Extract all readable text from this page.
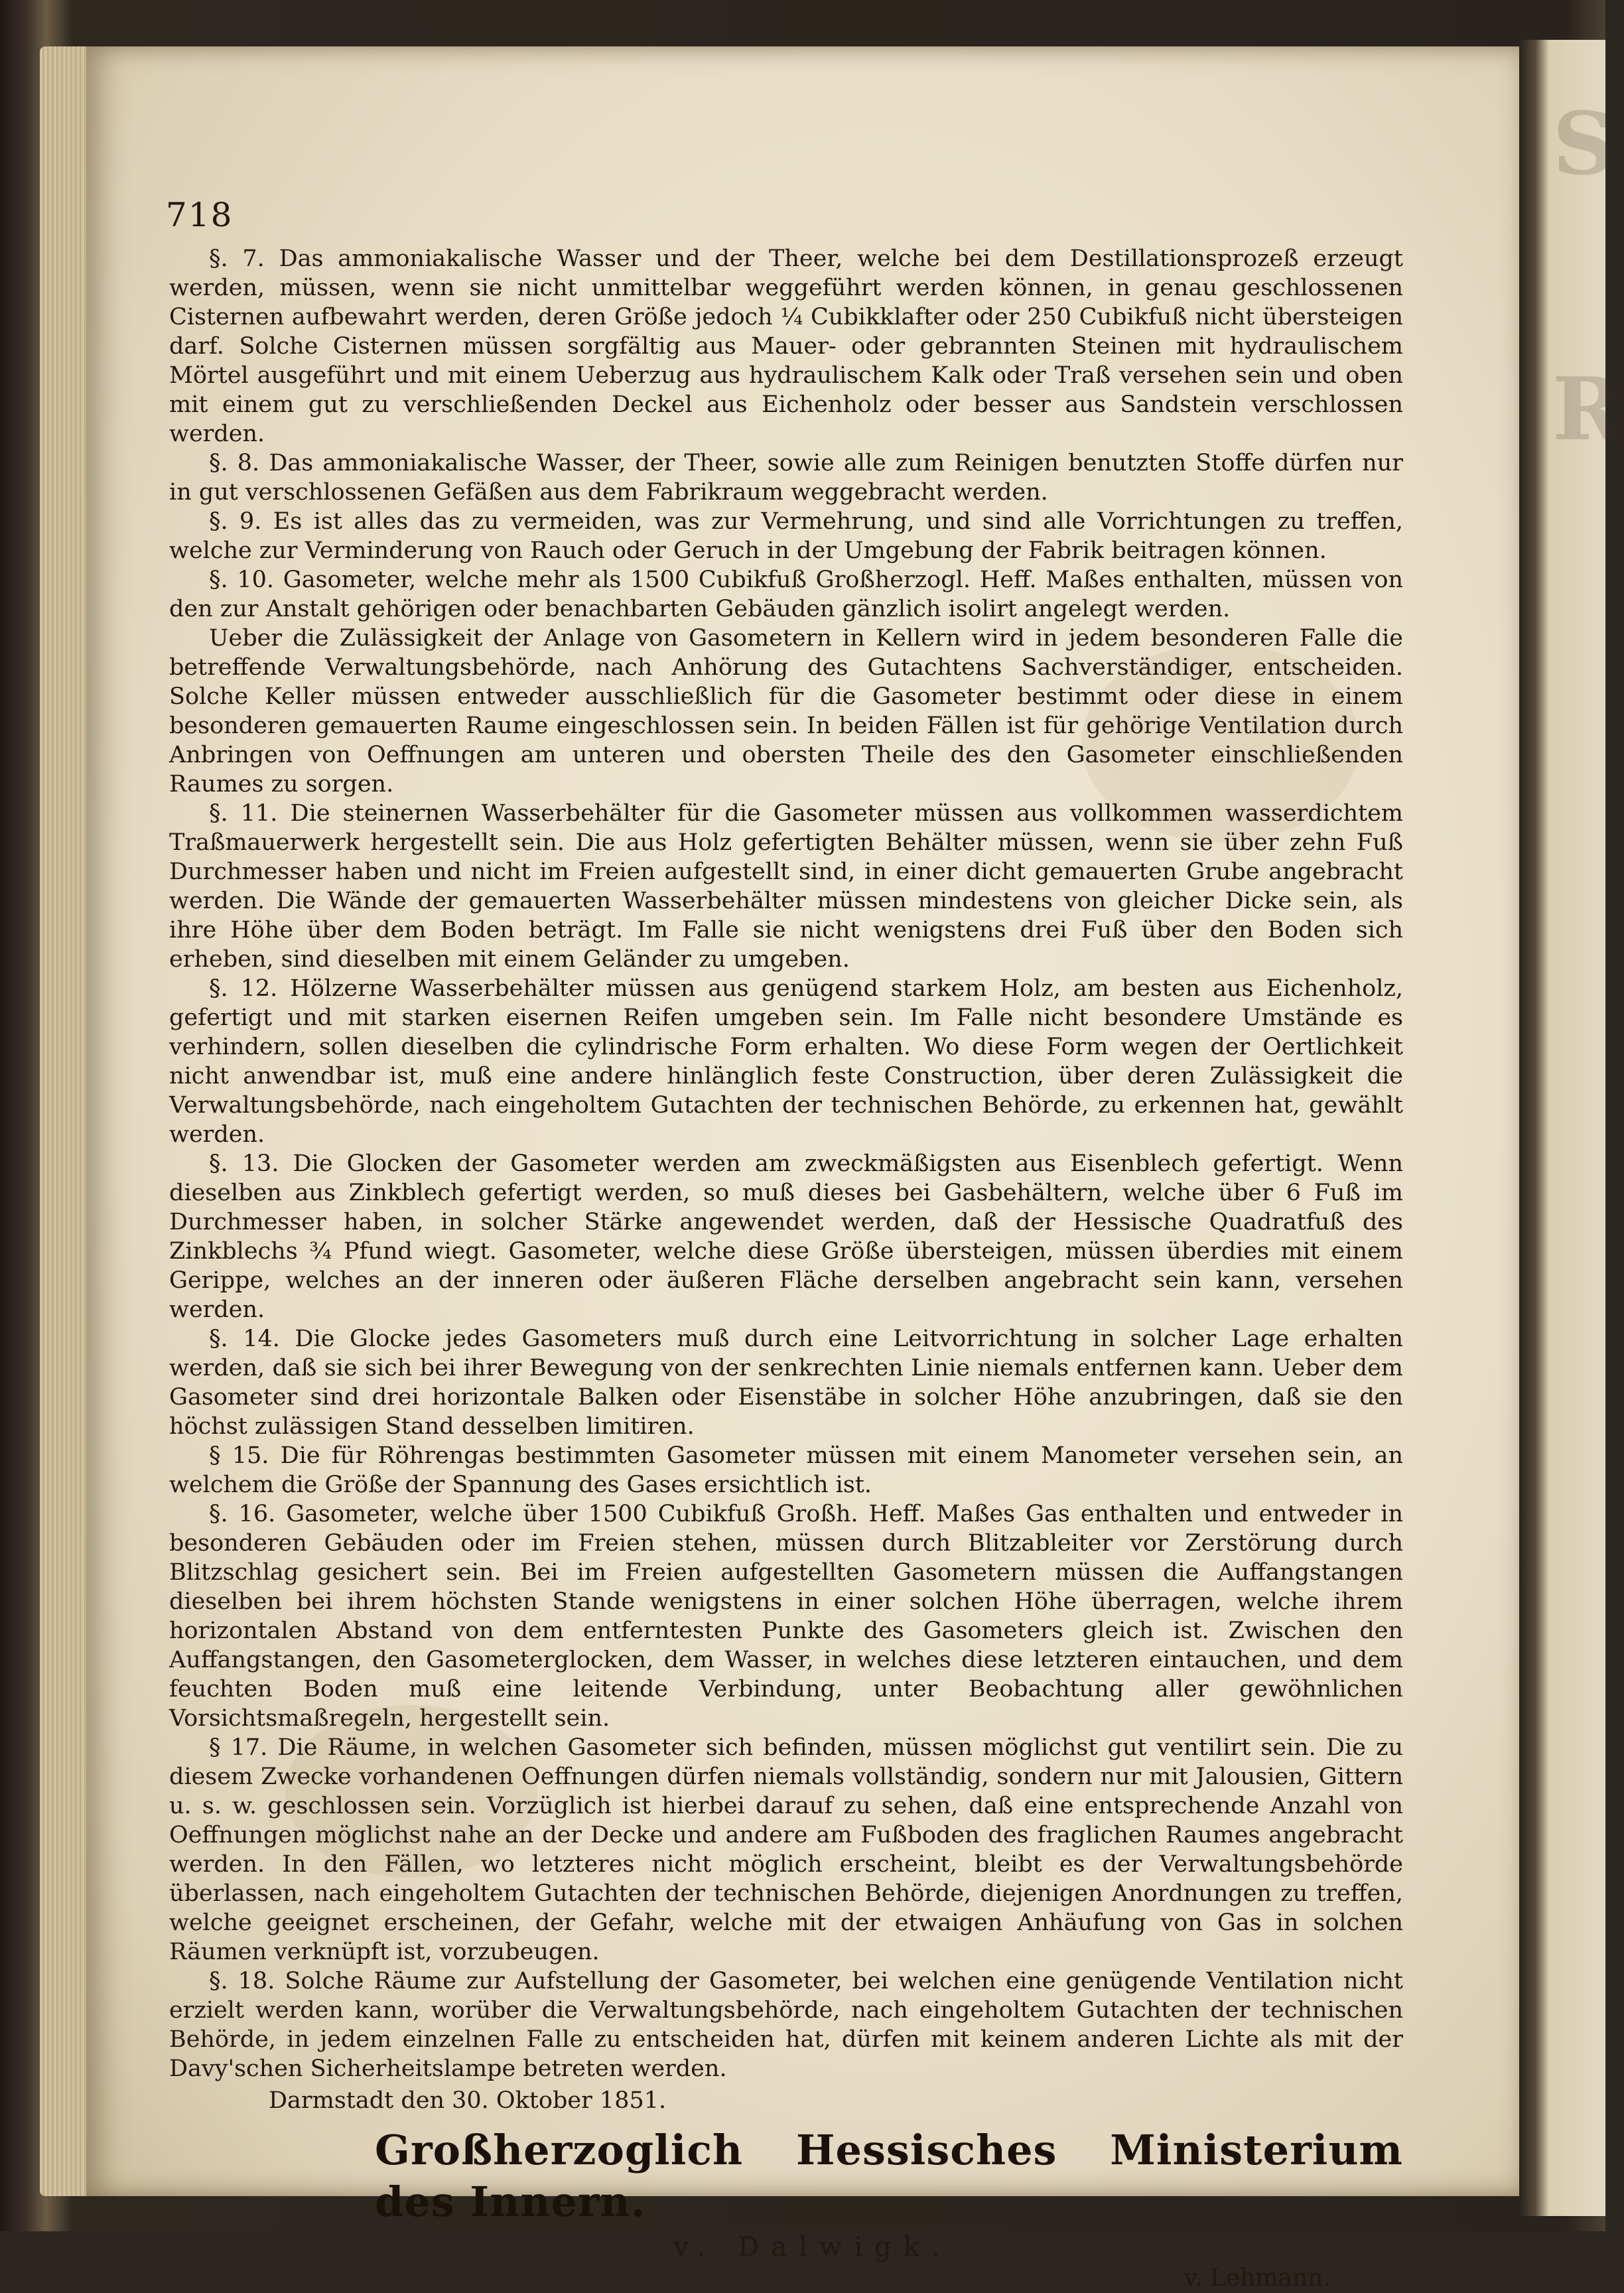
S
R
718

§. 7. Das ammoniakalische Wasser und der Theer, welche bei dem Destillationsprozeß erzeugt werden, müssen, wenn sie nicht unmittelbar weggeführt werden können, in genau geschlossenen Cisternen aufbewahrt werden, deren Größe jedoch ¼ Cubikklafter oder 250 Cubikfuß nicht übersteigen darf. Solche Cisternen müssen sorgfältig aus Mauer- oder gebrannten Steinen mit hydraulischem Mörtel ausgeführt und mit einem Ueberzug aus hydraulischem Kalk oder Traß versehen sein und oben mit einem gut zu verschließenden Deckel aus Eichenholz oder besser aus Sandstein verschlossen werden.

§. 8. Das ammoniakalische Wasser, der Theer, sowie alle zum Reinigen benutzten Stoffe dürfen nur in gut verschlossenen Gefäßen aus dem Fabrikraum weggebracht werden.

§. 9. Es ist alles das zu vermeiden, was zur Vermehrung, und sind alle Vorrichtungen zu treffen, welche zur Verminderung von Rauch oder Geruch in der Umgebung der Fabrik beitragen können.

§. 10. Gasometer, welche mehr als 1500 Cubikfuß Großherzogl. Heff. Maßes enthalten, müssen von den zur Anstalt gehörigen oder benachbarten Gebäuden gänzlich isolirt angelegt werden.

Ueber die Zulässigkeit der Anlage von Gasometern in Kellern wird in jedem besonderen Falle die betreffende Verwaltungsbehörde, nach Anhörung des Gutachtens Sachverständiger, entscheiden. Solche Keller müssen entweder ausschließlich für die Gasometer bestimmt oder diese in einem besonderen gemauerten Raume eingeschlossen sein. In beiden Fällen ist für gehörige Ventilation durch Anbringen von Oeffnungen am unteren und obersten Theile des den Gasometer einschließenden Raumes zu sorgen.

§. 11. Die steinernen Wasserbehälter für die Gasometer müssen aus vollkommen wasserdichtem Traßmauerwerk hergestellt sein. Die aus Holz gefertigten Behälter müssen, wenn sie über zehn Fuß Durchmesser haben und nicht im Freien aufgestellt sind, in einer dicht gemauerten Grube angebracht werden. Die Wände der gemauerten Wasserbehälter müssen mindestens von gleicher Dicke sein, als ihre Höhe über dem Boden beträgt. Im Falle sie nicht wenigstens drei Fuß über den Boden sich erheben, sind dieselben mit einem Geländer zu umgeben.

§. 12. Hölzerne Wasserbehälter müssen aus genügend starkem Holz, am besten aus Eichenholz, gefertigt und mit starken eisernen Reifen umgeben sein. Im Falle nicht besondere Umstände es verhindern, sollen dieselben die cylindrische Form erhalten. Wo diese Form wegen der Oertlichkeit nicht anwendbar ist, muß eine andere hinlänglich feste Construction, über deren Zulässigkeit die Verwaltungsbehörde, nach eingeholtem Gutachten der technischen Behörde, zu erkennen hat, gewählt werden.

§. 13. Die Glocken der Gasometer werden am zweckmäßigsten aus Eisenblech gefertigt. Wenn dieselben aus Zinkblech gefertigt werden, so muß dieses bei Gasbehältern, welche über 6 Fuß im Durchmesser haben, in solcher Stärke angewendet werden, daß der Hessische Quadratfuß des Zinkblechs ¾ Pfund wiegt. Gasometer, welche diese Größe übersteigen, müssen überdies mit einem Gerippe, welches an der inneren oder äußeren Fläche derselben angebracht sein kann, versehen werden.

§. 14. Die Glocke jedes Gasometers muß durch eine Leitvorrichtung in solcher Lage erhalten werden, daß sie sich bei ihrer Bewegung von der senkrechten Linie niemals entfernen kann. Ueber dem Gasometer sind drei horizontale Balken oder Eisenstäbe in solcher Höhe anzubringen, daß sie den höchst zulässigen Stand desselben limitiren.

§ 15. Die für Röhrengas bestimmten Gasometer müssen mit einem Manometer versehen sein, an welchem die Größe der Spannung des Gases ersichtlich ist.

§. 16. Gasometer, welche über 1500 Cubikfuß Großh. Heff. Maßes Gas enthalten und entweder in besonderen Gebäuden oder im Freien stehen, müssen durch Blitzableiter vor Zerstörung durch Blitzschlag gesichert sein. Bei im Freien aufgestellten Gasometern müssen die Auffangstangen dieselben bei ihrem höchsten Stande wenigstens in einer solchen Höhe überragen, welche ihrem horizontalen Abstand von dem entferntesten Punkte des Gasometers gleich ist. Zwischen den Auffangstangen, den Gasometerglocken, dem Wasser, in welches diese letzteren eintauchen, und dem feuchten Boden muß eine leitende Verbindung, unter Beobachtung aller gewöhnlichen Vorsichtsmaßregeln, hergestellt sein.

§ 17. Die Räume, in welchen Gasometer sich befinden, müssen möglichst gut ventilirt sein. Die zu diesem Zwecke vorhandenen Oeffnungen dürfen niemals vollständig, sondern nur mit Jalousien, Gittern u. s. w. geschlossen sein. Vorzüglich ist hierbei darauf zu sehen, daß eine entsprechende Anzahl von Oeffnungen möglichst nahe an der Decke und andere am Fußboden des fraglichen Raumes angebracht werden. In den Fällen, wo letzteres nicht möglich erscheint, bleibt es der Verwaltungsbehörde überlassen, nach eingeholtem Gutachten der technischen Behörde, diejenigen Anordnungen zu treffen, welche geeignet erscheinen, der Gefahr, welche mit der etwaigen Anhäufung von Gas in solchen Räumen verknüpft ist, vorzubeugen.

§. 18. Solche Räume zur Aufstellung der Gasometer, bei welchen eine genügende Ventilation nicht erzielt werden kann, worüber die Verwaltungsbehörde, nach eingeholtem Gutachten der technischen Behörde, in jedem einzelnen Falle zu entscheiden hat, dürfen mit keinem anderen Lichte als mit der Davy'schen Sicherheitslampe betreten werden.

Darmstadt den 30. Oktober 1851.

Großherzoglich Hessisches Ministerium des Innern.
v. Dalwigk.
v. Lehmann.
